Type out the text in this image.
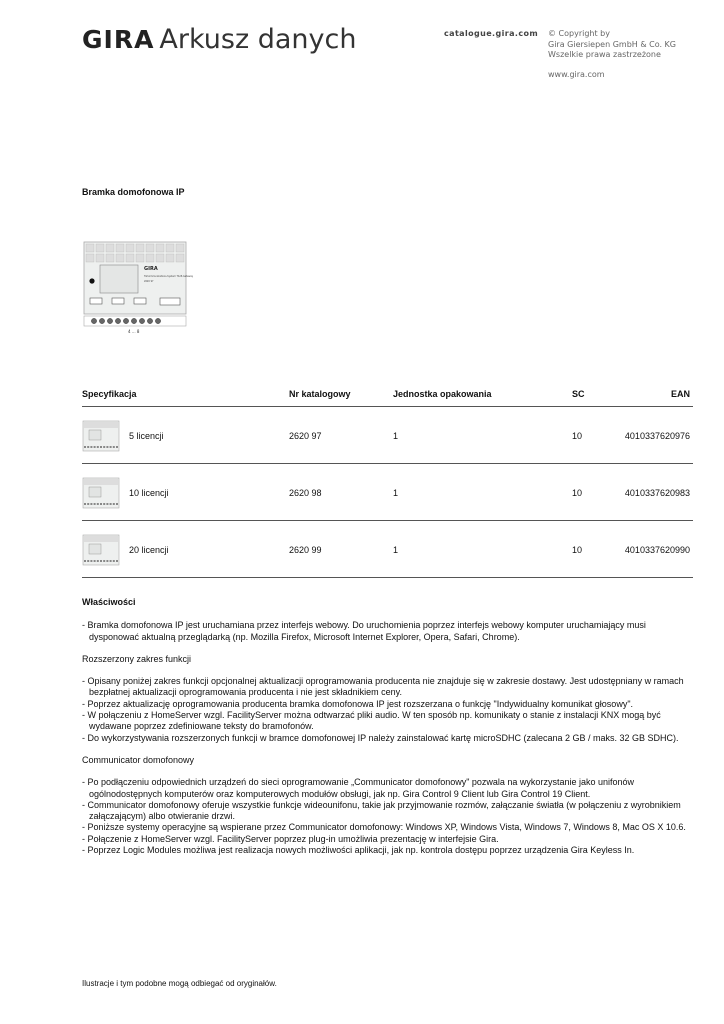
GIRA Arkusz danych	catalogue.gira.com © Copyright by
Gira Giersiepen GmbH & Co. KG
Wszelkie prawa zastrzeżone
www.gira.com
Bramka domofonowa IP
GIRA
Türkommunikations-System TK-IP-Gateway
2620 97
4 ... 8
Specyfikacja	Nr katalogowy	Jednostka opakowania	SC	EAN
5 licencji	2620 97	1	10	4010337620976
10 licencji	2620 98	1	10	4010337620983
20 licencji	2620 99	1	10	4010337620990
Właściwości

- Bramka domofonowa IP jest uruchamiana przez interfejs webowy. Do uruchomienia poprzez interfejs webowy komputer uruchamiający musi dysponować aktualną przeglądarką (np. Mozilla Firefox, Microsoft Internet Explorer, Opera, Safari, Chrome).

Rozszerzony zakres funkcji

- Opisany poniżej zakres funkcji opcjonalnej aktualizacji oprogramowania producenta nie znajduje się w zakresie dostawy. Jest udostępniany w ramach bezpłatnej aktualizacji oprogramowania producenta i nie jest składnikiem ceny.

- Poprzez aktualizację oprogramowania producenta bramka domofonowa IP jest rozszerzana o funkcję "Indywidualny komunikat głosowy".

- W połączeniu z HomeServer wzgl. FacilityServer można odtwarzać pliki audio. W ten sposób np. komunikaty o stanie z instalacji KNX mogą być wydawane poprzez zdefiniowane teksty do bramofonów.

- Do wykorzystywania rozszerzonych funkcji w bramce domofonowej IP należy zainstalować kartę microSDHC (zalecana 2 GB / maks. 32 GB SDHC).

Communicator domofonowy

- Po podłączeniu odpowiednich urządzeń do sieci oprogramowanie „Communicator domofonowy" pozwala na wykorzystanie jako unifonów ogólnodostępnych komputerów oraz komputerowych modułów obsługi, jak np. Gira Control 9 Client lub Gira Control 19 Client.

- Communicator domofonowy oferuje wszystkie funkcje wideounifonu, takie jak przyjmowanie rozmów, załączanie światła (w połączeniu z wyrobnikiem załączającym) albo otwieranie drzwi.

- Poniższe systemy operacyjne są wspierane przez Communicator domofonowy: Windows XP, Windows Vista, Windows 7, Windows 8, Mac OS X 10.6.

- Połączenie z HomeServer wzgl. FacilityServer poprzez plug-in umożliwia prezentację w interfejsie Gira.

- Poprzez Logic Modules możliwa jest realizacja nowych możliwości aplikacji, jak np. kontrola dostępu poprzez urządzenia Gira Keyless In.

Ilustracje i tym podobne mogą odbiegać od oryginałów.
